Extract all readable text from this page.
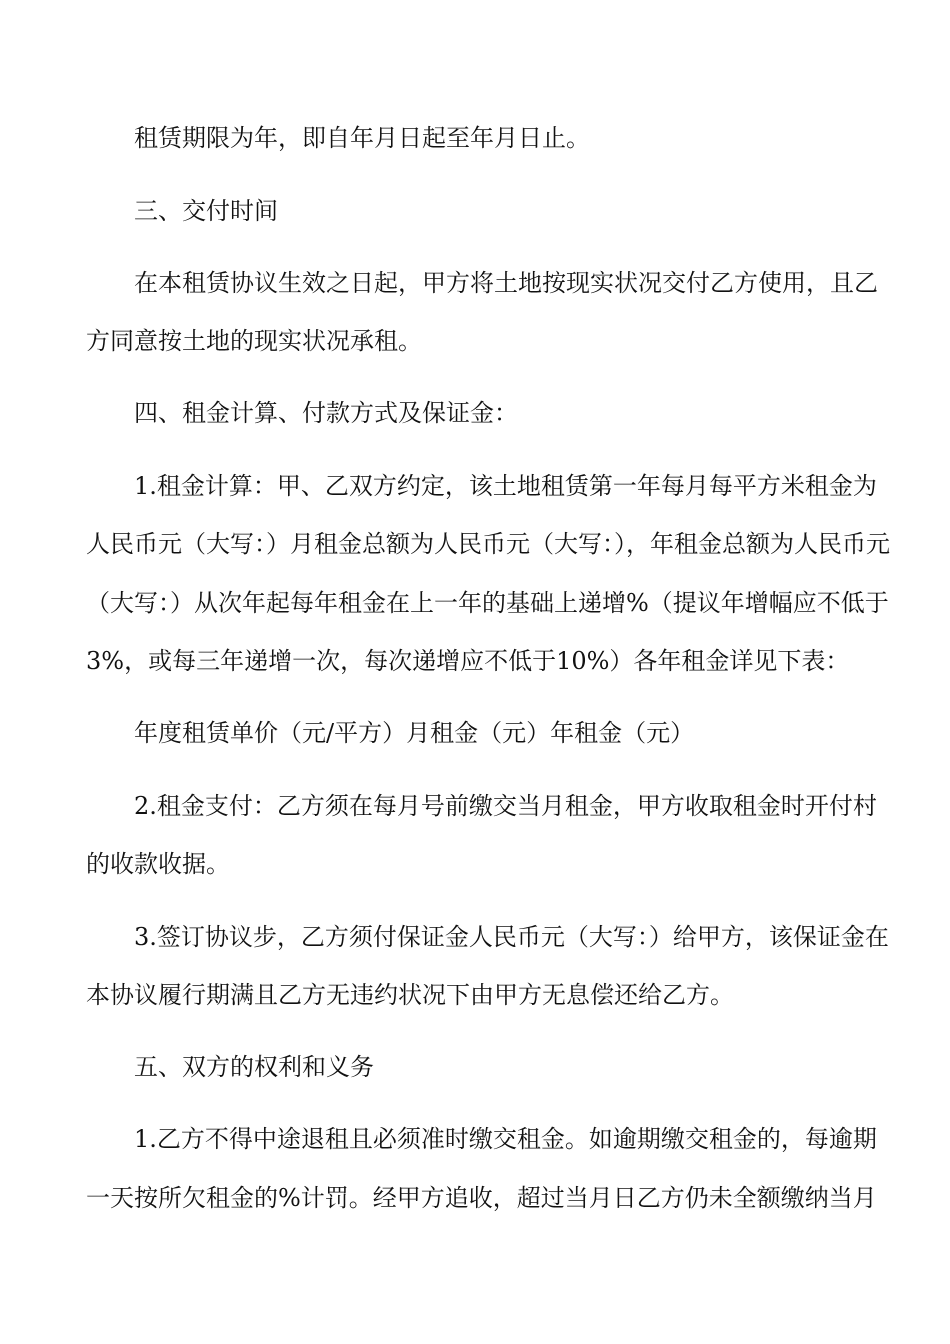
租赁期限为年，即自年月日起至年月日止。
三、交付时间
在本租赁协议生效之日起，甲方将土地按现实状况交付乙方使用，且乙
方同意按土地的现实状况承租。
四、租金计算、付款方式及保证金：
1.租金计算：甲、乙双方约定，该土地租赁第一年每月每平方米租金为
人民币元（大写：）月租金总额为人民币元（大写：），年租金总额为人民币元
（大写：）从次年起每年租金在上一年的基础上递增%（提议年增幅应不低于
3%，或每三年递增一次，每次递增应不低于10%）各年租金详见下表：
年度租赁单价（元/平方）月租金（元）年租金（元）
2.租金支付：乙方须在每月号前缴交当月租金，甲方收取租金时开付村
的收款收据。
3.签订协议步，乙方须付保证金人民币元（大写：）给甲方，该保证金在
本协议履行期满且乙方无违约状况下由甲方无息偿还给乙方。
五、双方的权利和义务
1.乙方不得中途退租且必须准时缴交租金。如逾期缴交租金的，每逾期
一天按所欠租金的%计罚。经甲方追收，超过当月日乙方仍未全额缴纳当月
